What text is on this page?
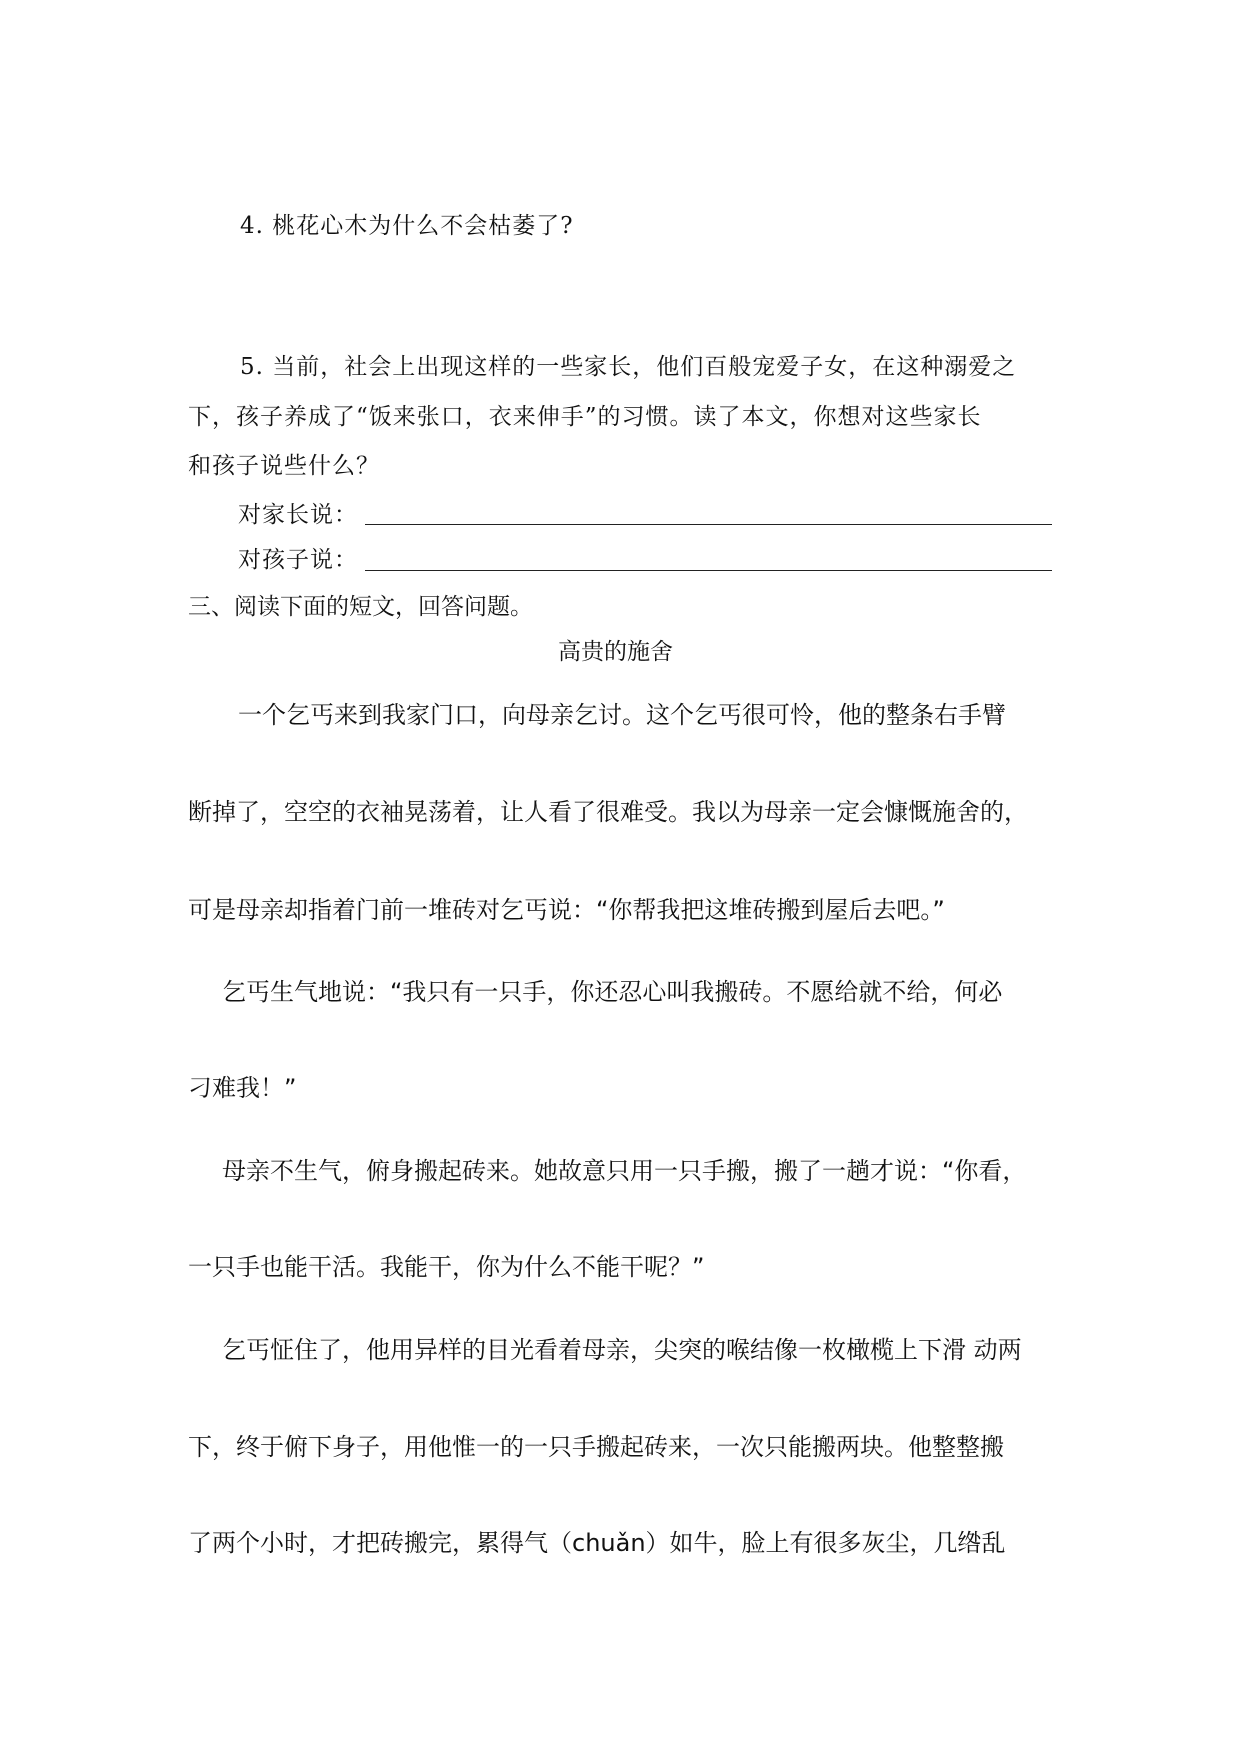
4. 桃花心木为什么不会枯萎了?
5. 当前，社会上出现这样的一些家长，他们百般宠爱子女，在这种溺爱之
下，孩子养成了“饭来张口，衣来伸手”的习惯。读了本文，你想对这些家长
和孩子说些什么？
对家长说：
对孩子说：
三、阅读下面的短文，回答问题。
高贵的施舍
一个乞丐来到我家门口，向母亲乞讨。这个乞丐很可怜，他的整条右手臂
断掉了，空空的衣袖晃荡着，让人看了很难受。我以为母亲一定会慷慨施舍的，
可是母亲却指着门前一堆砖对乞丐说：“你帮我把这堆砖搬到屋后去吧。”
乞丐生气地说：“我只有一只手，你还忍心叫我搬砖。不愿给就不给，何必
刁难我！”
母亲不生气，俯身搬起砖来。她故意只用一只手搬，搬了一趟才说：“你看，
一只手也能干活。我能干，你为什么不能干呢？”
乞丐怔住了，他用异样的目光看着母亲，尖突的喉结像一枚橄榄上下滑 动两
下，终于俯下身子，用他惟一的一只手搬起砖来，一次只能搬两块。他整整搬
了两个小时，才把砖搬完，累得气（chuǎn）如牛，脸上有很多灰尘，几绺乱
